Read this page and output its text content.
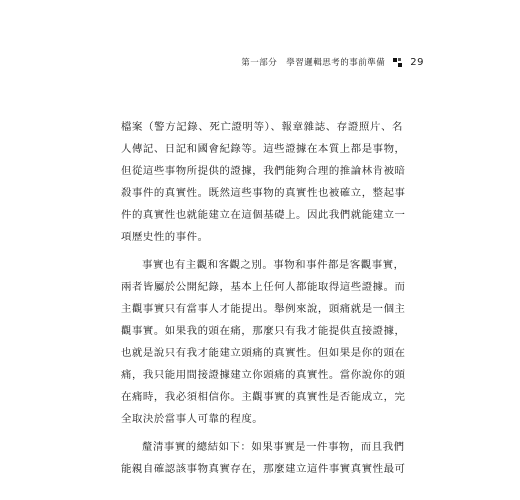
第一部分　學習邏輯思考的事前準備	29
檔案（警方記錄、死亡證明等）、報章雜誌、存證照片、名
人傳記、日記和國會紀錄等。這些證據在本質上都是事物，
但從這些事物所提供的證據，我們能夠合理的推論林肯被暗
殺事件的真實性。既然這些事物的真實性也被確立，整起事
件的真實性也就能建立在這個基礎上。因此我們就能建立一
項歷史性的事件。
事實也有主觀和客觀之別。事物和事件都是客觀事實，
兩者皆屬於公開紀錄，基本上任何人都能取得這些證據。而
主觀事實只有當事人才能提出。舉例來說，頭痛就是一個主
觀事實。如果我的頭在痛，那麼只有我才能提供直接證據，
也就是說只有我才能建立頭痛的真實性。但如果是你的頭在
痛，我只能用間接證據建立你頭痛的真實性。當你說你的頭
在痛時，我必須相信你。主觀事實的真實性是否能成立，完
全取決於當事人可靠的程度。
釐清事實的總結如下：如果事實是一件事物，而且我們
能親自確認該事物真實存在，那麼建立這件事實真實性最可
